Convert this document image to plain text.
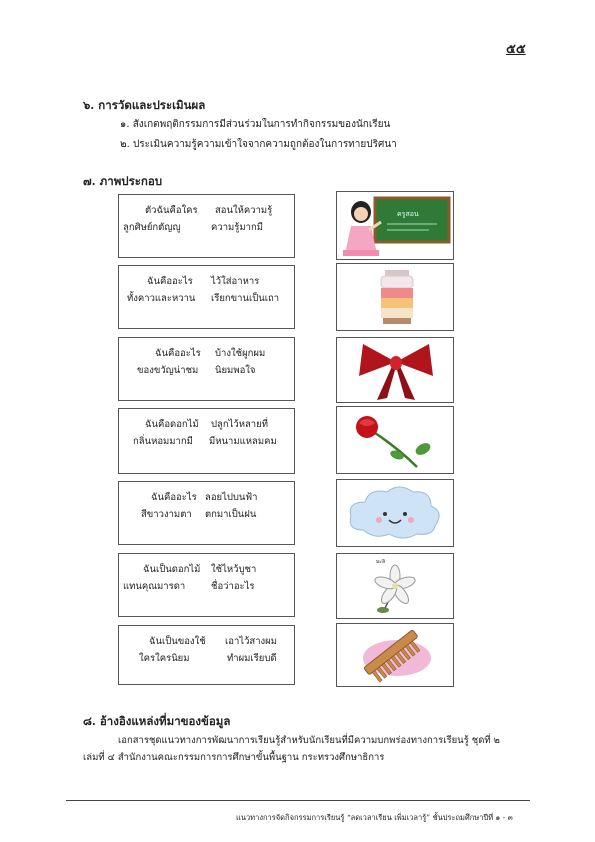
๕๕
๖. การวัดและประเมินผล
๑. สังเกตพฤติกรรมการมีส่วนร่วมในการทำกิจกรรมของนักเรียน
๒. ประเมินความรู้ความเข้าใจจากความถูกต้องในการทายปริศนา
๗. ภาพประกอบ
ตัวฉันคือใคร สอนให้ความรู้
ลูกศิษย์กตัญญู	ความรู้มากมี
ครูสอน
ฉันคืออะไร ไว้ใส่อาหาร
ทั้งคาวและหวาน เรียกขานเป็นเถา
ฉันคืออะไร บ้างใช้ผูกผม
ของขวัญน่าชม นิยมพอใจ
ฉันคือดอกไม้ ปลูกไว้หลายที่
กลิ่นหอมมากมี มีหนามแหลมคม
ฉันคืออะไร ลอยไปบนฟ้า
สีขาวงามตา ตกมาเป็นฝน
ฉันเป็นดอกไม้ ใช้ไหว้บูชา
แทนคุณมารดา	ชื่อว่าอะไร
มะลิ
ฉันเป็นของใช้ เอาไว้สางผม
ใครใครนิยม	ทำผมเรียบดี
๘. อ้างอิงแหล่งที่มาของข้อมูล
เอกสารชุดแนวทางการพัฒนาการเรียนรู้สำหรับนักเรียนที่มีความบกพร่องทางการเรียนรู้ ชุดที่ ๒
เล่มที่ ๔ สำนักงานคณะกรรมการการศึกษาขั้นพื้นฐาน กระทรวงศึกษาธิการ
แนวทางการจัดกิจกรรมการเรียนรู้ “ลดเวลาเรียน เพิ่มเวลารู้” ชั้นประถมศึกษาปีที่ ๑ - ๓
